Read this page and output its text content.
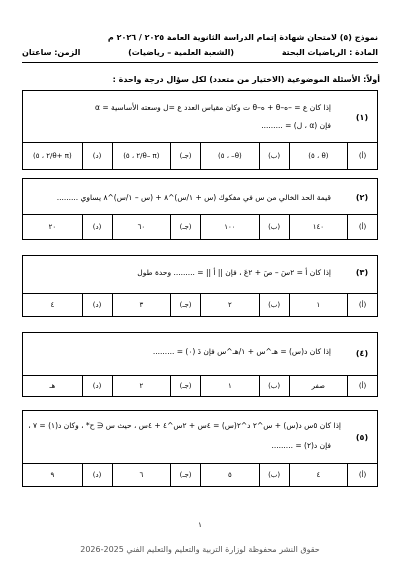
نموذج (٥) لامتحان شهادة إتمام الدراسة الثانوية العامة ٢٠٢٥ / ٢٠٢٦ م
المادة : الرياضيات البحتة
(الشعبة العلمية – رياضيات)
الزمن: ساعتان
أولاً: الأسئلة الموضوعية (الاختيار من متعدد) لكل سؤال درجة واحدة :
(١)
إذا كان ع = –ه–θ + ه–θ ت وكان مقياس العدد ع =ل وسعته الأساسية = α
فإن (α ، ل) = .........
(أ)
(θ ، ٥)
(ب)
(θ– ، ٥)
(جـ)
(θ– π/٢ ، ٥)
(د)
(θ+ π/٢ ، ٥)
(٢)
قيمة الحد الخالي من س في مفكوك (س + ١/س)^٨ + (س – ١/س)^٨ يساوي .........
(أ)
١٤٠
(ب)
١٠٠
(جـ)
٦٠
(د)
٢٠
(٣)
إذا كان أ = ٢سَ – صَ + ٢عَ ، فإن || أ || = ......... وحدة طول
(أ)
١
(ب)
٢
(جـ)
٣
(د)
٤
(٤)
إذا كان د(س) = هـ^س + ١/هـ^س فإن دَ (٠) = .........
(أ)
صفر
(ب)
١
(جـ)
٢
(د)
هـ
(٥)
إذا كان ٥س د(س) + س^٢ د^٢(س) = ٤س + ٢س^٤ + ٤س ، حيث س ∈ ح* ، وكان د(١) = ٧ ،
فإن د(٢) = .........
(أ)
٤
(ب)
٥
(جـ)
٦
(د)
٩
١
حقوق النشر محفوظة لوزارة التربية والتعليم والتعليم الفني 2025-2026
